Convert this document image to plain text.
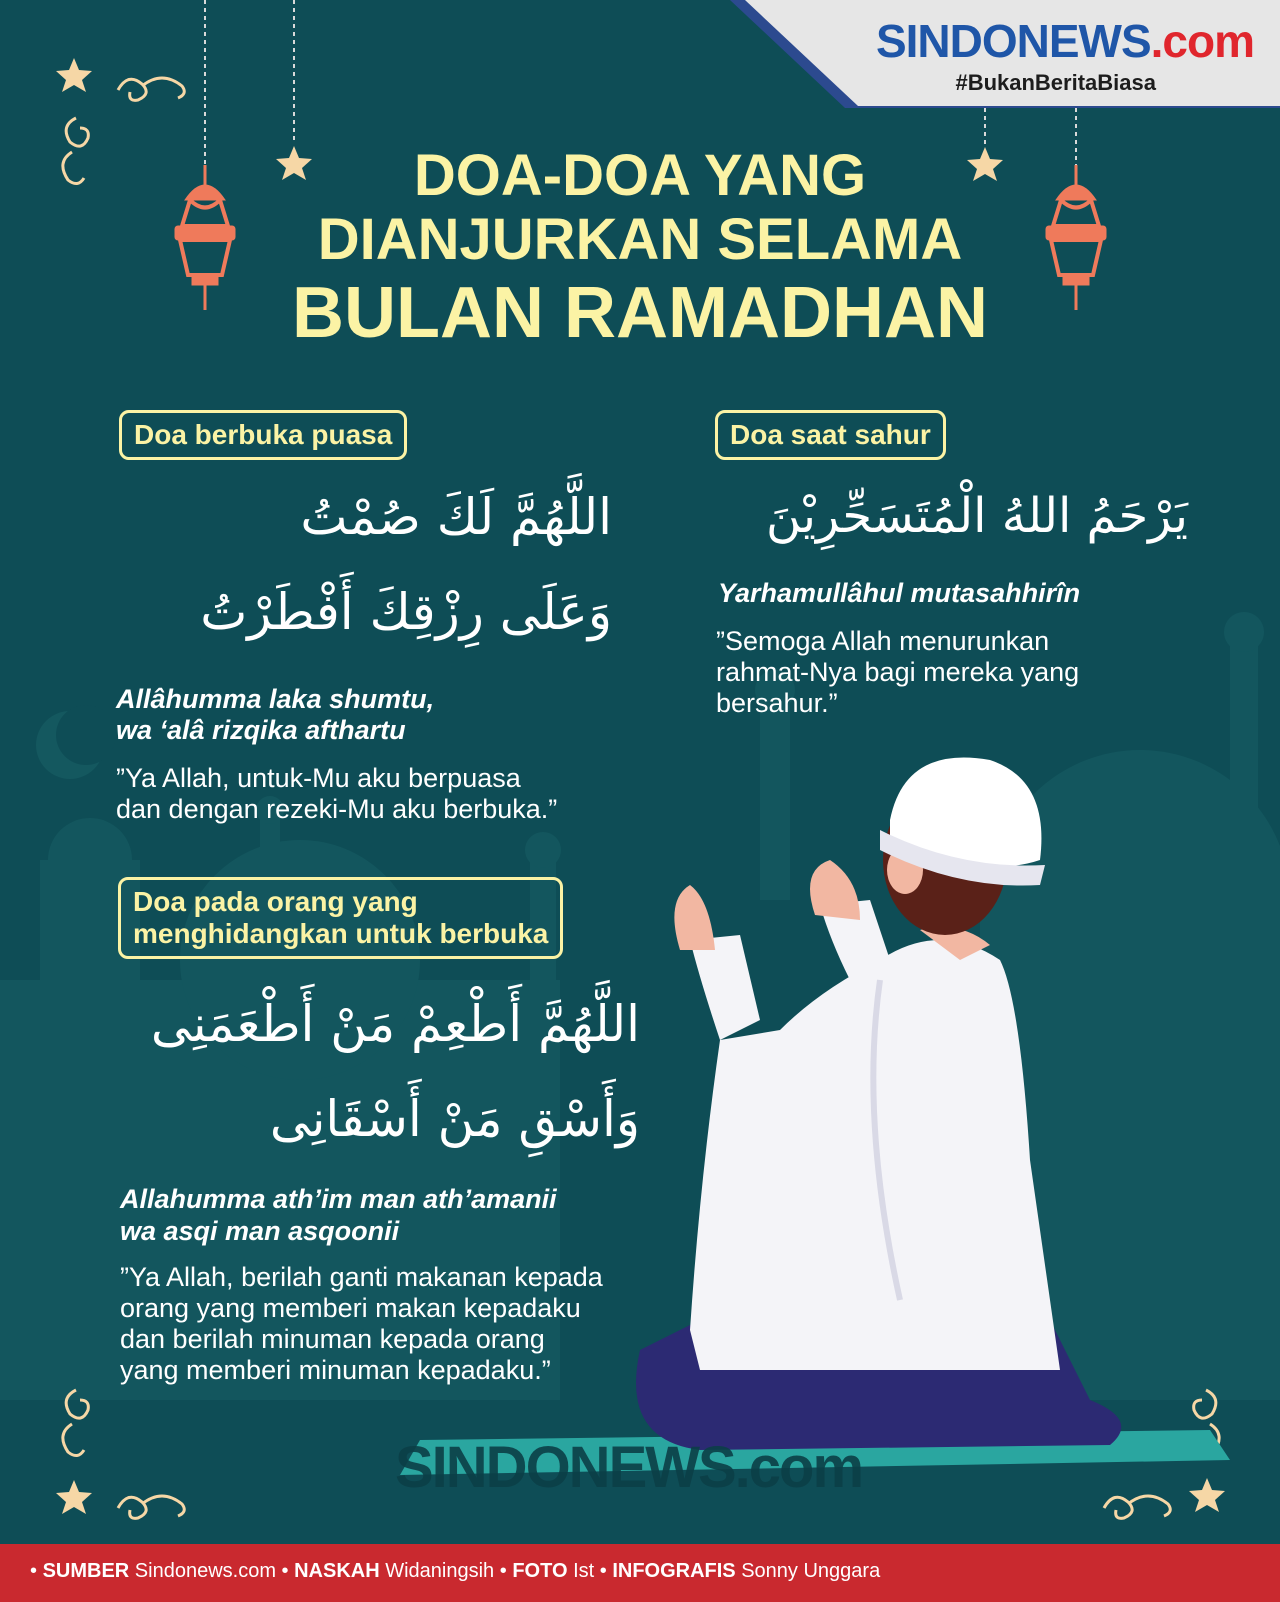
SINDONEWS.com
#BukanBeritaBiasa
DOA-DOA YANG
DIANJURKAN SELAMA
BULAN RAMADHAN
Doa berbuka puasa
اللَّهُمَّ لَكَ صُمْتُ
وَعَلَى رِزْقِكَ أَفْطَرْتُ
Allâhumma laka shumtu,
wa ‘alâ rizqika afthartu
”Ya Allah, untuk-Mu aku berpuasa
dan dengan rezeki-Mu aku berbuka.”
Doa saat sahur
يَرْحَمُ اللهُ الْمُتَسَحِّرِيْنَ
Yarhamullâhul mutasahhirîn
”Semoga Allah menurunkan
rahmat-Nya bagi mereka yang
bersahur.”
Doa pada orang yang
menghidangkan untuk berbuka
اللَّهُمَّ أَطْعِمْ مَنْ أَطْعَمَنِى
وَأَسْقِ مَنْ أَسْقَانِى
Allahumma ath’im man ath’amanii
wa asqi man asqoonii
”Ya Allah, berilah ganti makanan kepada
orang yang memberi makan kepadaku
dan berilah minuman kepada orang
yang memberi minuman kepadaku.”
SINDONEWS.com
• SUMBER Sindonews.com • NASKAH Widaningsih • FOTO Ist • INFOGRAFIS Sonny Unggara
